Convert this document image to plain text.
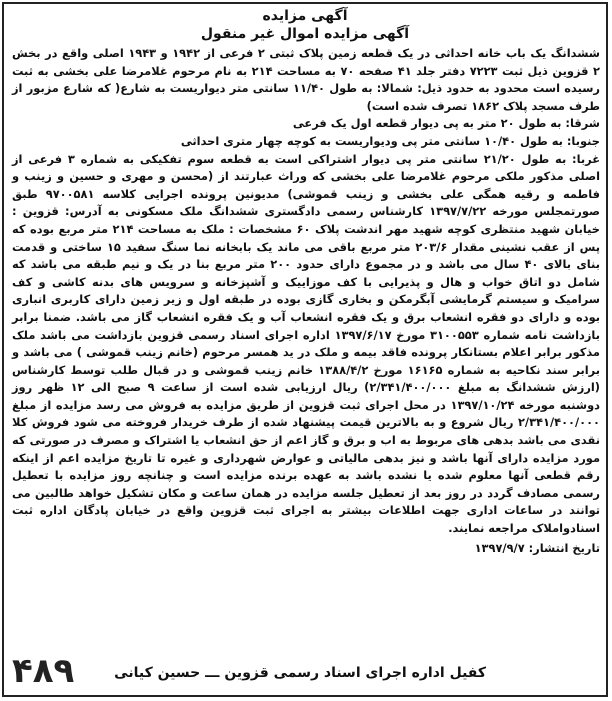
آگهی مزایده
آگهی مزایده اموال غیر منقول

ششدانگ یک باب خانه احداثی در یک قطعه زمین پلاک ثبتی ۲ فرعی از ۱۹۴۲ و ۱۹۴۳ اصلی واقع در بخش ۲ قزوین ذیل ثبت ۷۲۲۳ دفتر جلد ۴۱ صفحه ۷۰ به مساحت ۲۱۴ به نام مرحوم غلامرضا علی بخشی به ثبت رسیده است محدود به حدود ذیل: شمالا: به طول ۱۱/۴۰ سانتی متر دیواریست به شارع( که شارع مزبور از طرف مسجد پلاک ۱۸۶۲ تصرف شده است)

شرقا: به طول ۲۰ متر به پی دیوار قطعه اول یک فرعی

جنوبا: به طول ۱۰/۴۰ سانتی متر پی ودیواریست به کوچه چهار متری احداثی

غربا: به طول ۲۱/۲۰ سانتی متر پی دیوار اشتراکی است به قطعه سوم تفکیکی به شماره ۳ فرعی از اصلی مذکور ملکی مرحوم غلامرضا علی بخشی که وراث عبارتند از (محسن و مهری و حسین و زینب و فاطمه و رقیه همگی علی بخشی و زینب قموشی) مدیونین پرونده اجرایی کلاسه ۹۷۰۰۵۸۱ طبق صورتمجلس مورخه ۱۳۹۷/۷/۲۲ کارشناس رسمی دادگستری ششدانگ ملک مسکونی به آدرس: قزوین : خیابان شهید منتظری کوچه شهید مهر اندشت پلاک ۶۰ مشخصات : ملک به مساحت ۲۱۴ متر مربع بوده که پس از عقب نشینی مقدار ۲۰۳/۶ متر مربع باقی می ماند یک بابخانه نما سنگ سفید ۱۵ ساختی و قدمت بنای بالای ۴۰ سال می باشد و در مجموع دارای حدود ۲۰۰ متر مربع بنا در یک و نیم طبقه می باشد که شامل دو اتاق خواب و هال و پذیرایی با کف موزاییک و آشپزخانه و سرویس های بدنه کاشی و کف سرامیک و سیستم گرمایشی آبگرمکن و بخاری گازی بوده در طبقه اول و زیر زمین دارای کاربری انباری بوده و دارای دو فقره انشعاب برق و یک فقره انشعاب آب و یک فقره انشعاب گاز می باشد. ضمنا برابر بازداشت نامه شماره ۳۱۰۰۵۵۳ مورخ ۱۳۹۷/۶/۱۷ اداره اجرای اسناد رسمی قزوین بازداشت می باشد ملک مذکور برابر اعلام بستانکار پرونده فاقد بیمه و ملک در ید همسر مرحوم (خانم زینب قموشی ) می باشد و برابر سند نکاحیه به شماره ۱۶۱۶۵ مورخ ۱۳۸۸/۴/۲ خانم زینب قموشی و در قبال طلب توسط کارشناس (ارزش ششدانگ به مبلغ ۲/۳۴۱/۴۰۰/۰۰۰) ریال ارزیابی شده است از ساعت ۹ صبح الی ۱۲ ظهر روز دوشنبه مورخه ۱۳۹۷/۱۰/۲۴ در محل اجرای ثبت قزوین از طریق مزایده به فروش می رسد مزایده از مبلغ ۲/۳۴۱/۴۰۰/۰۰۰ ریال شروع و به بالاترین قیمت پیشنهاد شده از طرف خریدار فروخته می شود فروش کلا نقدی می باشد بدهی های مربوط به اب و برق و گاز اعم از حق انشعاب یا اشتراک و مصرف در صورتی که مورد مزایده دارای آنها باشد و نیز بدهی مالیاتی و عوارض شهرداری و غیره تا تاریخ مزایده اعم از اینکه رقم قطعی آنها معلوم شده یا نشده باشد به عهده برنده مزایده است و چنانچه روز مزایده با تعطیل رسمی مصادف گردد در روز بعد از تعطیل جلسه مزایده در همان ساعت و مکان تشکیل خواهد طالبین می توانند در ساعات اداری جهت اطلاعات بیشتر به اجرای ثبت قزوین واقع در خیابان پادگان اداره ثبت اسنادواملاک مراجعه نمایند.

تاریخ انتشار: ۱۳۹۷/۹/۷
کفیل اداره اجرای اسناد رسمی قزوین ـــ حسین کیانی
۴۸۹
